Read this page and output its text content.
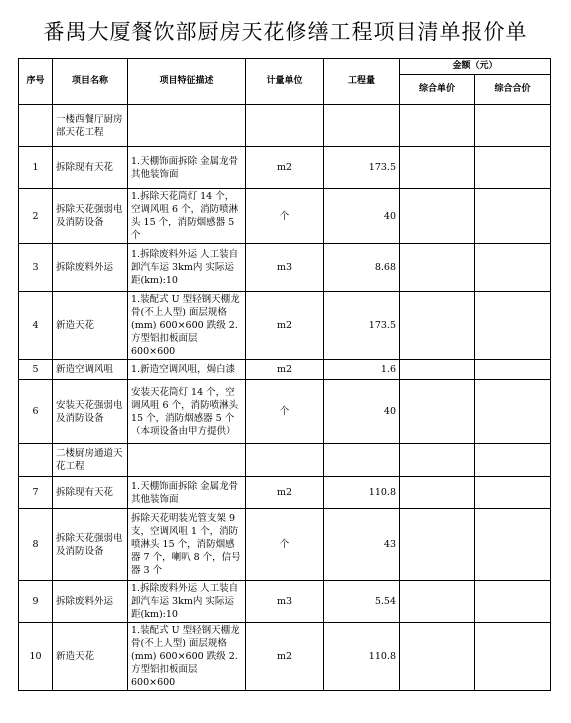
番禺大厦餐饮部厨房天花修缮工程项目清单报价单
序号	项目名称	项目特征描述	计量单位	工程量	金额（元）	
					综合单价	综合合价
	一楼西餐厅厨房部天花工程					
1	拆除现有天花	1.天棚饰面拆除 金属龙骨 其他装饰面	m2	173.5		
2	拆除天花强弱电及消防设备	1.拆除天花筒灯 14 个，空调风咀 6 个，消防喷淋头 15 个，消防烟感器 5 个	个	40		
3	拆除废料外运	1.拆除废料外运 人工装自卸汽车运 3km内 实际运距(km):10	m3	8.68		
4	新造天花	1.装配式 U 型轻钢天棚龙骨(不上人型) 面层规格(mm) 600×600 跌级 2.方型铝扣板面层 600×600	m2	173.5		
5	新造空调风咀	1.新造空调风咀，焗白漆	m2	1.6		
6	安装天花强弱电及消防设备	安装天花筒灯 14 个，空调风咀 6 个，消防喷淋头 15 个，消防烟感器 5 个（本项设备由甲方提供）	个	40		
	二楼厨房通道天花工程					
7	拆除现有天花	1.天棚饰面拆除 金属龙骨 其他装饰面	m2	110.8		
8	拆除天花强弱电及消防设备	拆除天花明装光管支架 9 支，空调风咀 1 个，消防喷淋头 15 个，消防烟感器 7 个，喇叭 8 个，信号器 3 个	个	43		
9	拆除废料外运	1.拆除废料外运 人工装自卸汽车运 3km内 实际运距(km):10	m3	5.54		
10	新造天花	1.装配式 U 型轻钢天棚龙骨(不上人型) 面层规格(mm) 600×600 跌级 2.方型铝扣板面层 600×600	m2	110.8		
